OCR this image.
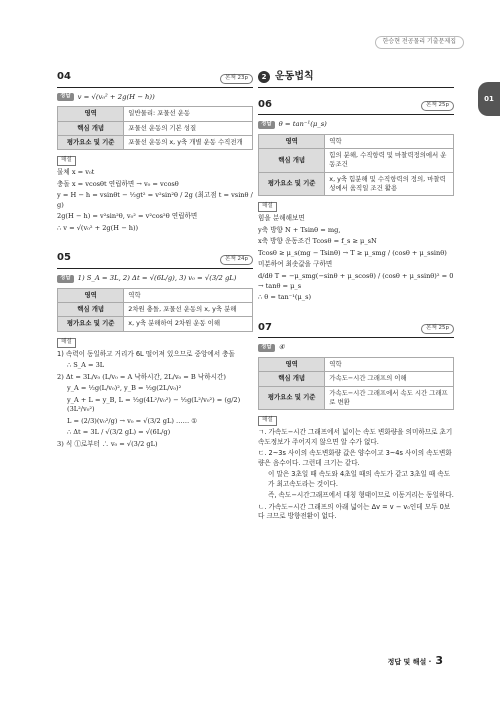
한승현 전공물리 기출문제집
01
04	본책 23p
정답	v = √(v₀² + 2g(H − h))
영역	일반물리: 포물선 운동
핵심 개념	포물선 운동의 기본 성질
평가요소 및 기준	포물선 운동의 x, y축 개별 운동 수직전개
해설
물체 x = v₀t
충돌 x = vcosθt 연립하면 → v₀ = vcosθ
y = H − h = vsinθt − ½gt² = v²sin²θ / 2g (최고점 t = vsinθ / g)
2g(H − h) = v²sin²θ, v₀² = v²cos²θ 연립하면
∴ v = √(v₀² + 2g(H − h))
05	본책 24p
정답	1) S_A = 3L, 2) Δt = √(6L/g), 3) v₀ = √(3/2 gL)
영역	역학
핵심 개념	2차원 충돌, 포물선 운동의 x, y축 분해
평가요소 및 기준	x, y축 분해하여 2차원 운동 이해
해설
1) 속력이 동일하고 거리가 6L 떨어져 있으므로 중앙에서 충돌
∴ S_A = 3L
2) Δt = 3L/v₀ (L/v₀ = A 낙하시간, 2L/v₀ = B 낙하시간)
y_A = ½g(L/v₀)², y_B = ½g(2L/v₀)²
y_A + L = y_B, L = ½g(4L²/v₀²) − ½g(L²/v₀²) = (g/2)(3L²/v₀²)
L = (2/3)(v₀²/g) → v₀ = √(3/2 gL) …… ①
∴ Δt = 3L / √(3/2 gL) = √(6L/g)
3) 식 ①로부터 ∴ v₀ = √(3/2 gL)
2 운동법칙
06	본책 25p
정답	θ = tan⁻¹(μ_s)
영역	역학
핵심 개념	힘의 분해, 수직항력 및 마찰력정의에서 운동조건
평가요소 및 기준	x, y축 힘분해 및 수직항력의 정의, 마찰력 성에서 움직일 조건 활용
해설
힘을 분해해보면
y축 방향 N + Tsinθ = mg,
x축 방향 운동조건 Tcosθ = f_s ≥ μ_sN
Tcosθ ≥ μ_s(mg − Tsinθ) → T ≥ μ_smg / (cosθ + μ_ssinθ)
미분하여 최솟값을 구하면
d/dθ T = −μ_smg(−sinθ + μ_scosθ) / (cosθ + μ_ssinθ)² = 0 → tanθ = μ_s
∴ θ = tan⁻¹(μ_s)
07	본책 25p
정답	④
영역	역학
핵심 개념	가속도−시간 그래프의 이해
평가요소 및 기준	가속도−시간 그래프에서 속도 시간 그래프로 변환
해설
ㄱ. 가속도−시간 그래프에서 넓이는 속도 변화량을 의미하므로 초기 속도정보가 주어지지 않으면 알 수가 없다.
ㄷ. 2~3s 사이의 속도변화량 값은 양수이고 3~4s 사이의 속도변화량은 음수이다. 그런데 크기는 같다.
이 말은 3초일 때 속도와 4초일 때의 속도가 같고 3초일 때 속도가 최고속도라는 것이다.
즉, 속도−시간그래프에서 대칭 형태이므로 이동거리는 동일하다.
ㄴ. 가속도−시간 그래프의 아래 넓이는 Δv = v − v₀인데 모두 0보다 크므로 방향전환이 없다.
정답 및 해설 · 3
